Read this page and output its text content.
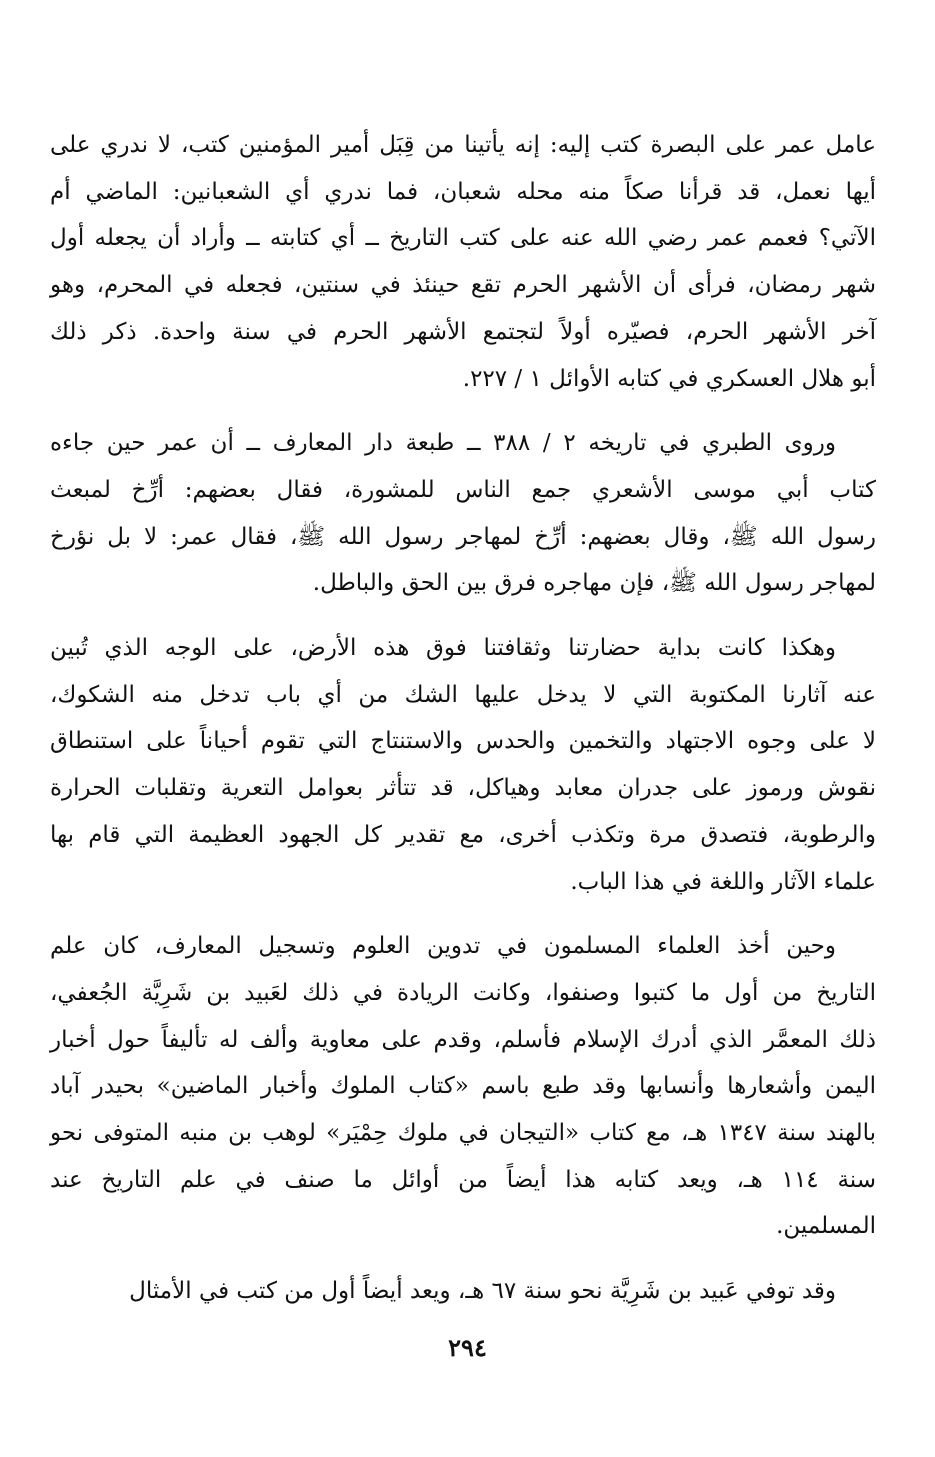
عامل عمر على البصرة كتب إليه: إنه يأتينا من قِبَل أمير المؤمنين كتب، لا ندري على
أيها نعمل، قد قرأنا صكاً منه محله شعبان، فما ندري أي الشعبانين: الماضي أم
الآتي؟ فعمم عمر رضي الله عنه على كتب التاريخ ــ أي كتابته ــ وأراد أن يجعله أول
شهر رمضان، فرأى أن الأشهر الحرم تقع حينئذ في سنتين، فجعله في المحرم، وهو
آخر الأشهر الحرم، فصيّره أولاً لتجتمع الأشهر الحرم في سنة واحدة. ذكر ذلك
أبو هلال العسكري في كتابه الأوائل ١ / ٢٢٧.

وروى الطبري في تاريخه ٢ / ٣٨٨ ــ طبعة دار المعارف ــ أن عمر حين جاءه
كتاب أبي موسى الأشعري جمع الناس للمشورة، فقال بعضهم: أرِّخ لمبعث
رسول الله ﷺ، وقال بعضهم: أرِّخ لمهاجر رسول الله ﷺ، فقال عمر: لا بل نؤرخ
لمهاجر رسول الله ﷺ، فإن مهاجره فرق بين الحق والباطل.

وهكذا كانت بداية حضارتنا وثقافتنا فوق هذه الأرض، على الوجه الذي تُبين
عنه آثارنا المكتوبة التي لا يدخل عليها الشك من أي باب تدخل منه الشكوك،
لا على وجوه الاجتهاد والتخمين والحدس والاستنتاج التي تقوم أحياناً على استنطاق
نقوش ورموز على جدران معابد وهياكل، قد تتأثر بعوامل التعرية وتقلبات الحرارة
والرطوبة، فتصدق مرة وتكذب أخرى، مع تقدير كل الجهود العظيمة التي قام بها
علماء الآثار واللغة في هذا الباب.

وحين أخذ العلماء المسلمون في تدوين العلوم وتسجيل المعارف، كان علم
التاريخ من أول ما كتبوا وصنفوا، وكانت الريادة في ذلك لعَبيد بن شَرِيَّة الجُعفي،
ذلك المعمَّر الذي أدرك الإسلام فأسلم، وقدم على معاوية وألف له تأليفاً حول أخبار
اليمن وأشعارها وأنسابها وقد طبع باسم «كتاب الملوك وأخبار الماضين» بحيدر آباد
بالهند سنة ١٣٤٧ هـ، مع كتاب «التيجان في ملوك حِمْيَر» لوهب بن منبه المتوفى نحو
سنة ١١٤ هـ، ويعد كتابه هذا أيضاً من أوائل ما صنف في علم التاريخ عند
المسلمين.

وقد توفي عَبيد بن شَرِيَّة نحو سنة ٦٧ هـ، ويعد أيضاً أول من كتب في الأمثال

٢٩٤
